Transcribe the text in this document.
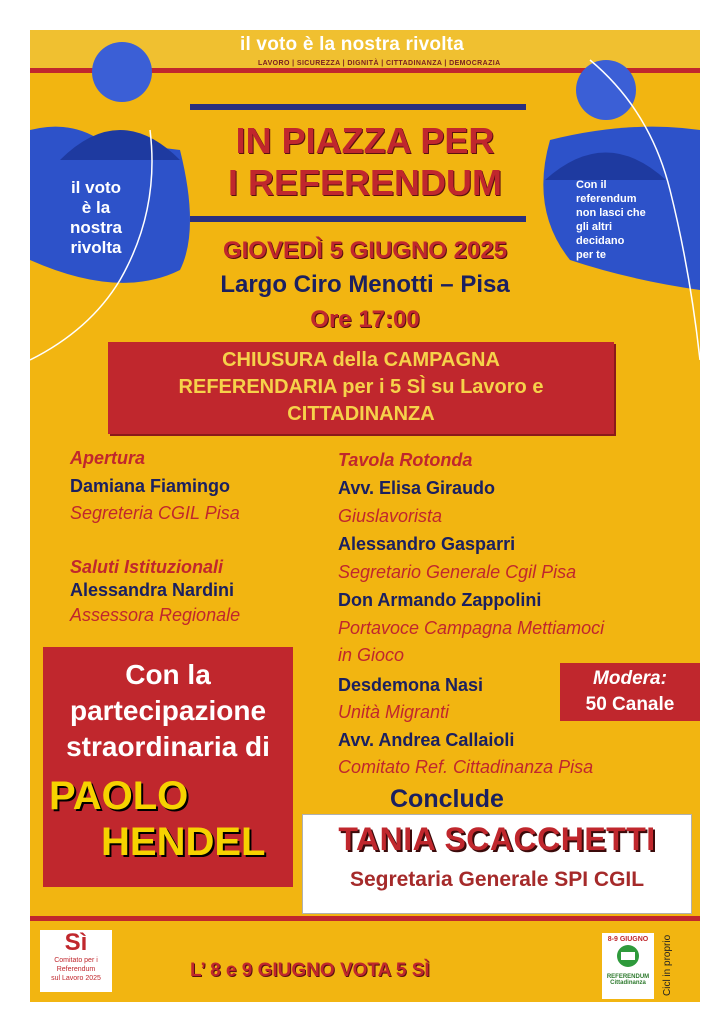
il voto è la nostra rivolta
LAVORO | SICUREZZA | DIGNITÀ | CITTADINANZA | DEMOCRAZIA
il voto
è la
nostra
rivolta
Con il
referendum
non lasci che
gli altri
decidano
per te
IN PIAZZA PER
I REFERENDUM
GIOVEDÌ 5 GIUGNO 2025
Largo Ciro Menotti – Pisa
Ore 17:00
CHIUSURA della CAMPAGNA
REFERENDARIA per i 5 SÌ su Lavoro e
CITTADINANZA
Apertura
Damiana Fiamingo
Segreteria CGIL Pisa
Saluti Istituzionali
Alessandra Nardini
Assessora Regionale
Tavola Rotonda
Avv. Elisa Giraudo
Giuslavorista
Alessandro Gasparri
Segretario Generale Cgil Pisa
Don Armando Zappolini
Portavoce Campagna Mettiamoci
in Gioco
Desdemona Nasi
Unità Migranti
Avv. Andrea Callaioli
Comitato Ref. Cittadinanza Pisa
Con la
partecipazione
straordinaria di
PAOLO
HENDEL
Modera:
50 Canale
Conclude
TANIA SCACCHETTI
Segretaria Generale SPI CGIL
Sì
Comitato per i
Referendum
sul Lavoro 2025	L’ 8 e 9 GIUGNO VOTA 5 SÌ
8-9 GIUGNO
REFERENDUM
Cittadinanza	Cicl in proprio
